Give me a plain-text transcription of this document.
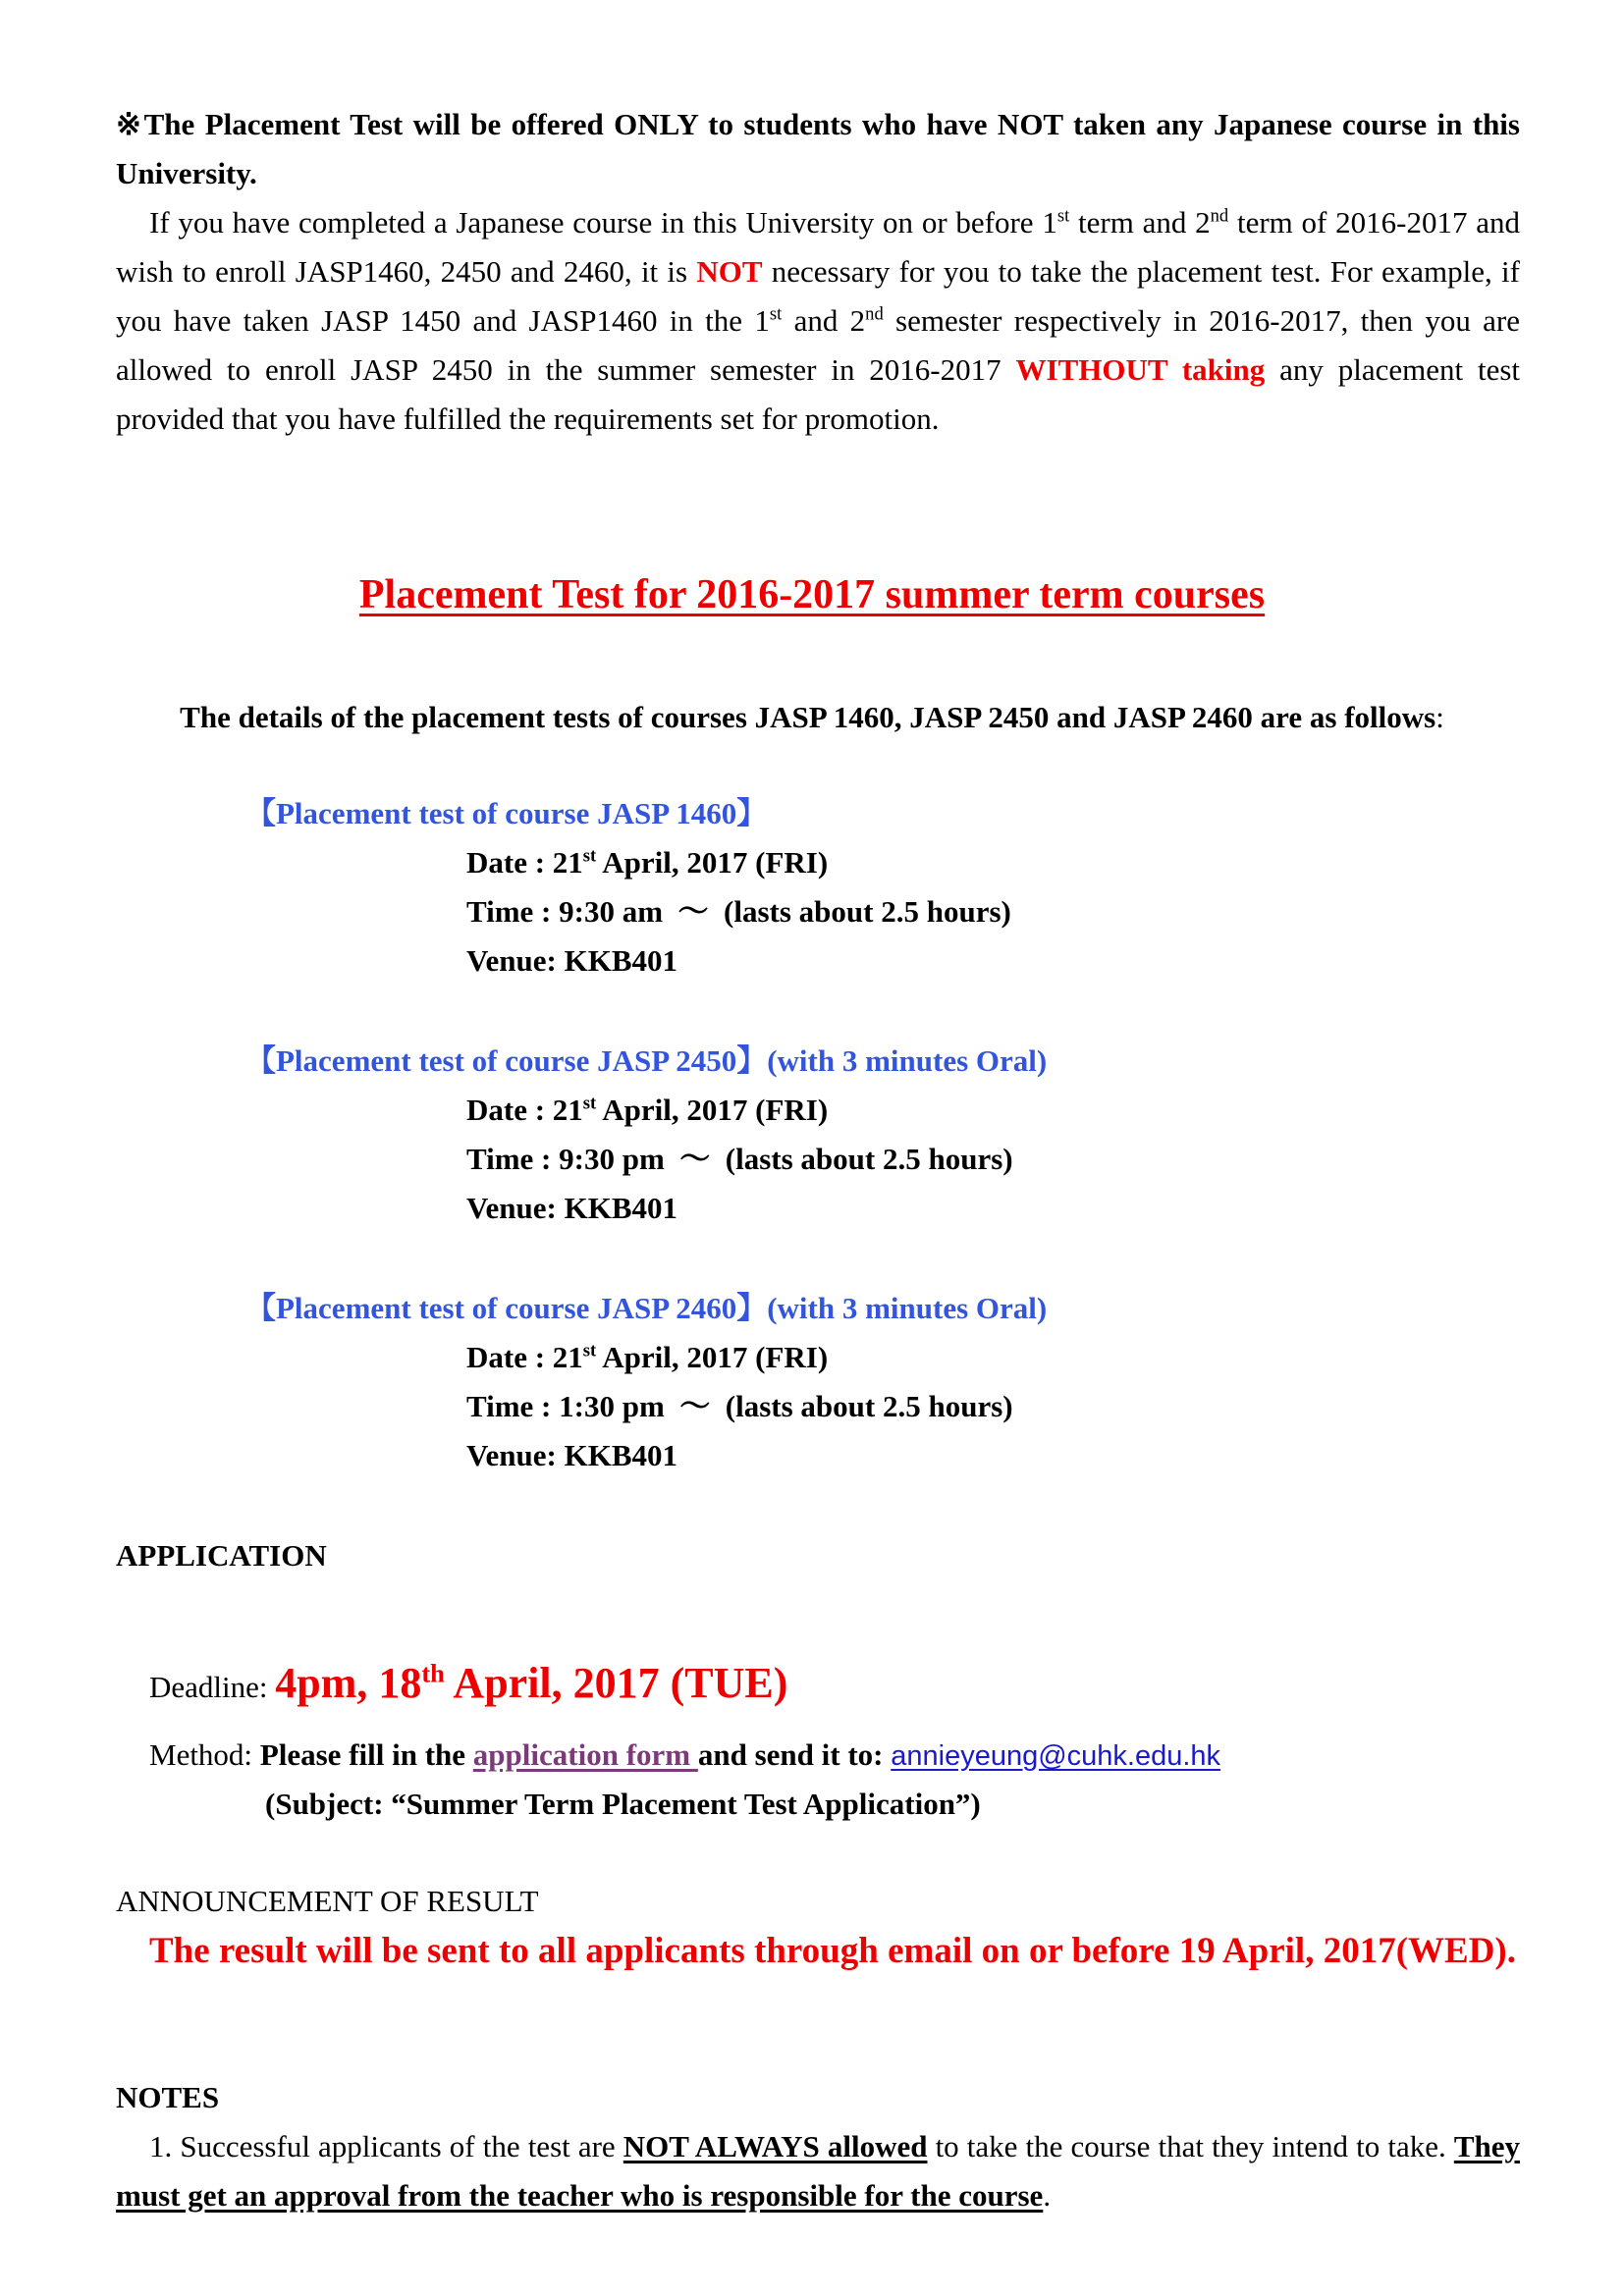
※The Placement Test will be offered ONLY to students who have NOT taken any Japanese course in this University.
If you have completed a Japanese course in this University on or before 1st term and 2nd term of 2016-2017 and wish to enroll JASP1460, 2450 and 2460, it is NOT necessary for you to take the placement test. For example, if you have taken JASP 1450 and JASP1460 in the 1st and 2nd semester respectively in 2016-2017, then you are allowed to enroll JASP 2450 in the summer semester in 2016-2017 WITHOUT taking any placement test provided that you have fulfilled the requirements set for promotion.
Placement Test for 2016-2017 summer term courses
The details of the placement tests of courses JASP 1460, JASP 2450 and JASP 2460 are as follows:
【Placement test of course JASP 1460】
Date : 21st April, 2017 (FRI)
Time : 9:30 am  ～  (lasts about 2.5 hours)
Venue: KKB401
【Placement test of course JASP 2450】(with 3 minutes Oral)
Date : 21st April, 2017 (FRI)
Time : 9:30 pm  ～  (lasts about 2.5 hours)
Venue: KKB401
【Placement test of course JASP 2460】(with 3 minutes Oral)
Date : 21st April, 2017 (FRI)
Time : 1:30 pm  ～  (lasts about 2.5 hours)
Venue: KKB401
APPLICATION
Deadline: 4pm, 18th April, 2017 (TUE)
Method: Please fill in the application form and send it to: annieyeung@cuhk.edu.hk
(Subject: “Summer Term Placement Test Application”)
ANNOUNCEMENT OF RESULT
The result will be sent to all applicants through email on or before 19 April, 2017(WED).
NOTES
1. Successful applicants of the test are NOT ALWAYS allowed to take the course that they intend to take. They must get an approval from the teacher who is responsible for the course.
